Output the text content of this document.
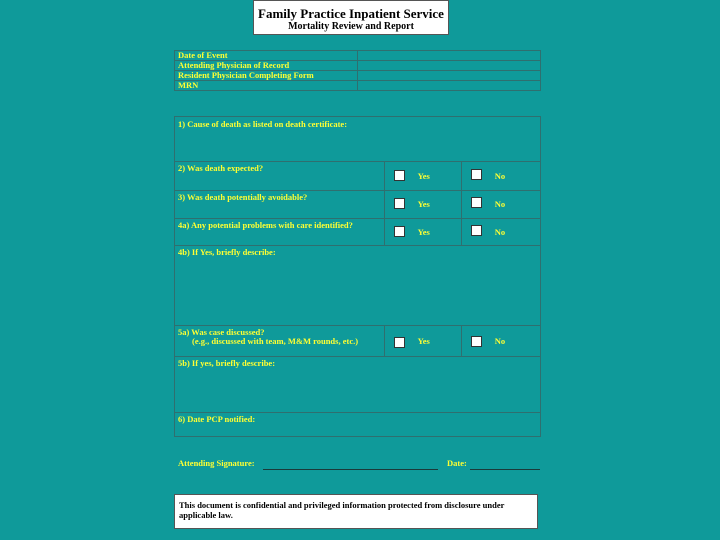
Family Practice Inpatient Service
Mortality Review and Report
Date of Event	
Attending Physician of Record	
Resident Physician Completing Form	
MRN	
1) Cause of death as listed on death certificate:		
2) Was death expected?	Yes	No

3) Was death potentially avoidable?	Yes	No

4a) Any potential problems with care identified?	Yes	No

4b) If Yes, briefly describe:		
5a) Was case discussed?
(e.g., discussed with team, M&M rounds, etc.)	Yes	No

5b) If yes, briefly describe:		
6) Date PCP notified:		
Attending Signature:	Date:
This document is confidential and privileged information protected from disclosure under applicable law.
